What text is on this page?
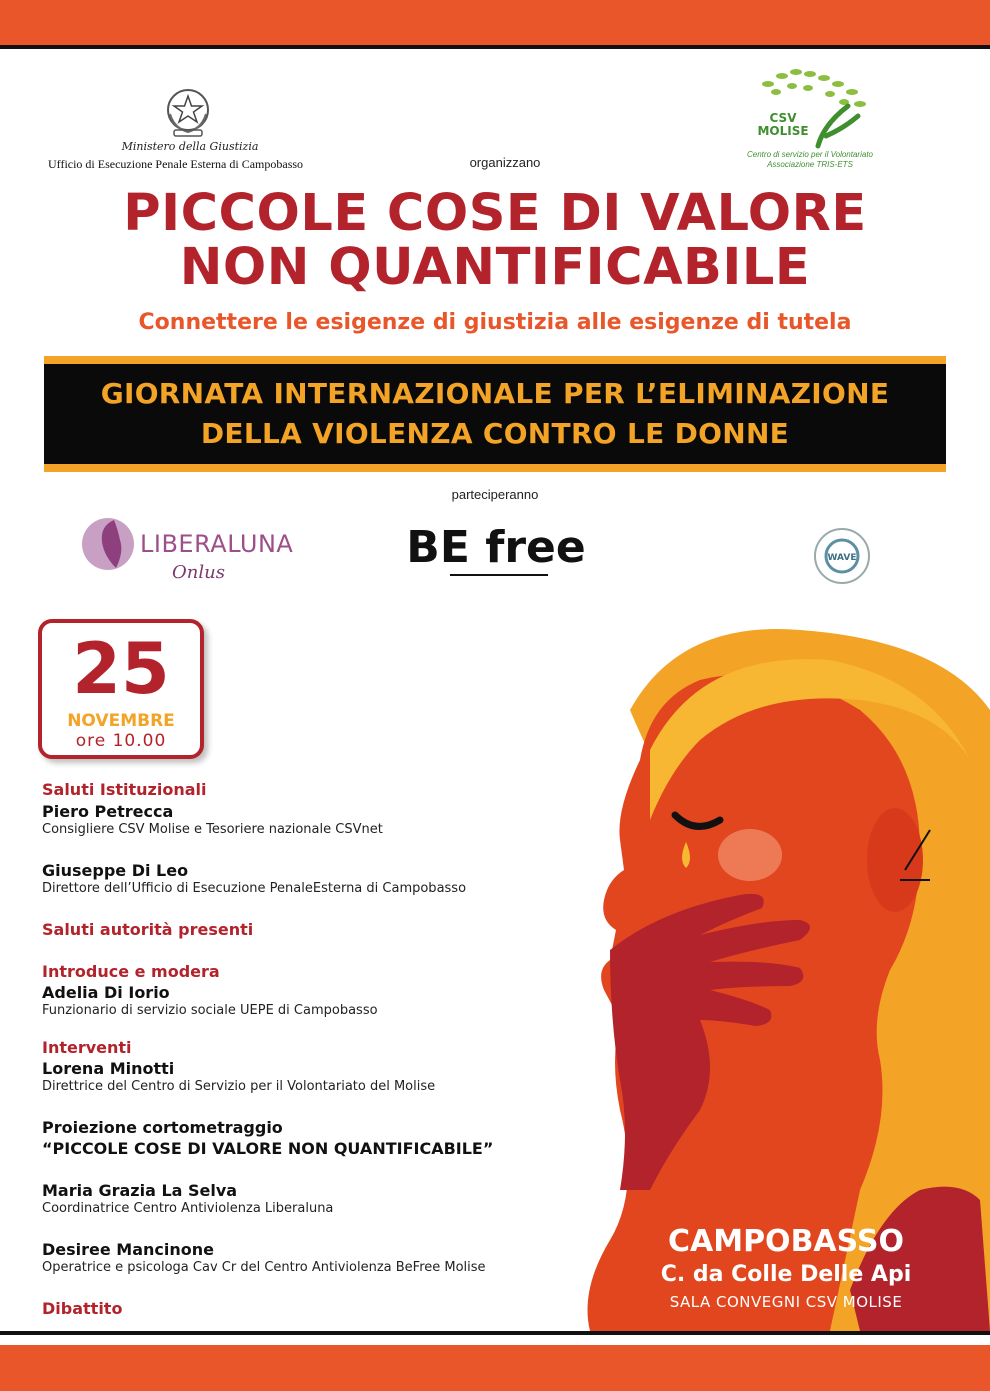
Ministero della Giustizia
Ufficio di Esecuzione Penale Esterna di Campobasso	organizzano
CSV
MOLISE
Centro di servizio per il Volontariato
Associazione TRIS-ETS
PICCOLE COSE DI VALORE
NON QUANTIFICABILE
Connettere le esigenze di giustizia alle esigenze di tutela
GIORNATA INTERNAZIONALE PER L’ELIMINAZIONE
DELLA VIOLENZA CONTRO LE DONNE
parteciperanno
LIBERALUNA
Onlus	BE free	WAVE
25
NOVEMBRE
ore 10.00
Saluti Istituzionali
Piero Petrecca
Consigliere CSV Molise e Tesoriere nazionale CSVnet
Giuseppe Di Leo
Direttore dell’Ufficio di Esecuzione PenaleEsterna di Campobasso
Saluti autorità presenti
Introduce e modera
Adelia Di Iorio
Funzionario di servizio sociale UEPE di Campobasso
Interventi
Lorena Minotti
Direttrice del Centro di Servizio per il Volontariato del Molise
Proiezione cortometraggio
“PICCOLE COSE DI VALORE NON QUANTIFICABILE”
Maria Grazia La Selva
Coordinatrice Centro Antiviolenza Liberaluna
Desiree Mancinone
Operatrice e psicologa Cav Cr del Centro Antiviolenza BeFree Molise
Dibattito
CAMPOBASSO
C. da Colle Delle Api
SALA CONVEGNI CSV MOLISE
